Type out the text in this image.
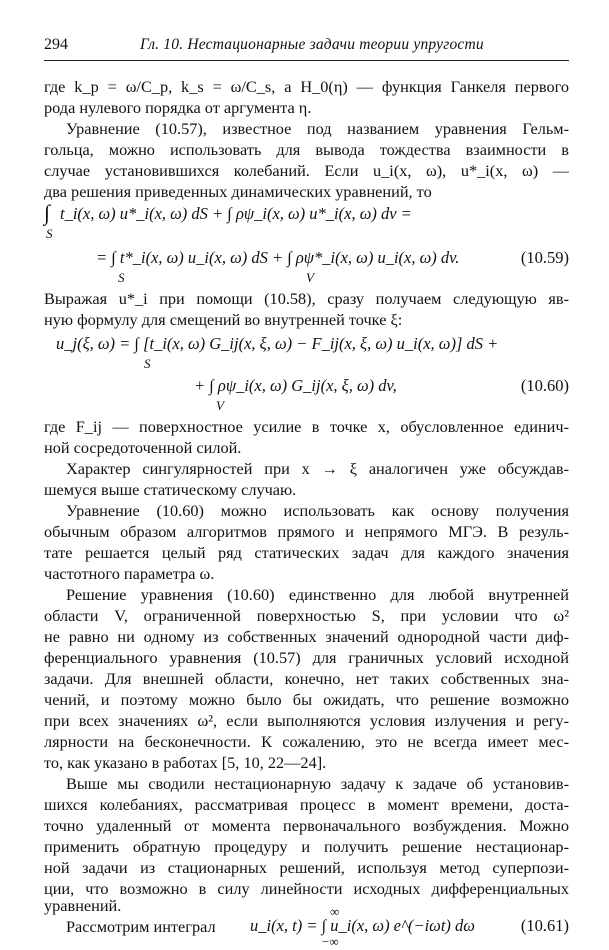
294	Гл. 10. Нестационарные задачи теории упругости
где k_p = ω/C_p, k_s = ω/C_s, a H_0(η) — функция Ганкеля первого
рода нулевого порядка от аргумента η.
Уравнение (10.57), известное под названием уравнения Гельм-
гольца, можно использовать для вывода тождества взаимности в
случае установившихся колебаний. Если u_i(x, ω), u*_i(x, ω) —
два решения приведенных динамических уравнений, то
∫
S
t_i(x, ω) u*_i(x, ω) dS + ∫ ρψ_i(x, ω) u*_i(x, ω) dv =
= ∫ t*_i(x, ω) u_i(x, ω) dS + ∫ ρψ*_i(x, ω) u_i(x, ω) dv.
S	V
(10.59)
Выражая u*_i при помощи (10.58), сразу получаем следующую яв-
ную формулу для смещений во внутренней точке ξ:
u_j(ξ, ω) = ∫ [t_i(x, ω) G_ij(x, ξ, ω) − F_ij(x, ξ, ω) u_i(x, ω)] dS +
S
+ ∫ ρψ_i(x, ω) G_ij(x, ξ, ω) dv,
V
(10.60)
где F_ij — поверхностное усилие в точке x, обусловленное единич-
ной сосредоточенной силой.
Характер сингулярностей при x → ξ аналогичен уже обсуждав-
шемуся выше статическому случаю.
Уравнение (10.60) можно использовать как основу получения
обычным образом алгоритмов прямого и непрямого МГЭ. В резуль-
тате решается целый ряд статических задач для каждого значения
частотного параметра ω.
Решение уравнения (10.60) единственно для любой внутренней
области V, ограниченной поверхностью S, при условии что ω²
не равно ни одному из собственных значений однородной части диф-
ференциального уравнения (10.57) для граничных условий исходной
задачи. Для внешней области, конечно, нет таких собственных зна-
чений, и поэтому можно было бы ожидать, что решение возможно
при всех значениях ω², если выполняются условия излучения и регу-
лярности на бесконечности. К сожалению, это не всегда имеет мес-
то, как указано в работах [5, 10, 22—24].
Выше мы сводили нестационарную задачу к задаче об установив-
шихся колебаниях, рассматривая процесс в момент времени, доста-
точно удаленный от момента первоначального возбуждения. Можно
применить обратную процедуру и получить решение нестационар-
ной задачи из стационарных решений, используя метод суперпози-
ции, что возможно в силу линейности исходных дифференциальных
уравнений.
Рассмотрим интеграл
∞
u_i(x, t) = ∫ u_i(x, ω) e^(−iωt) dω
−∞
(10.61)
